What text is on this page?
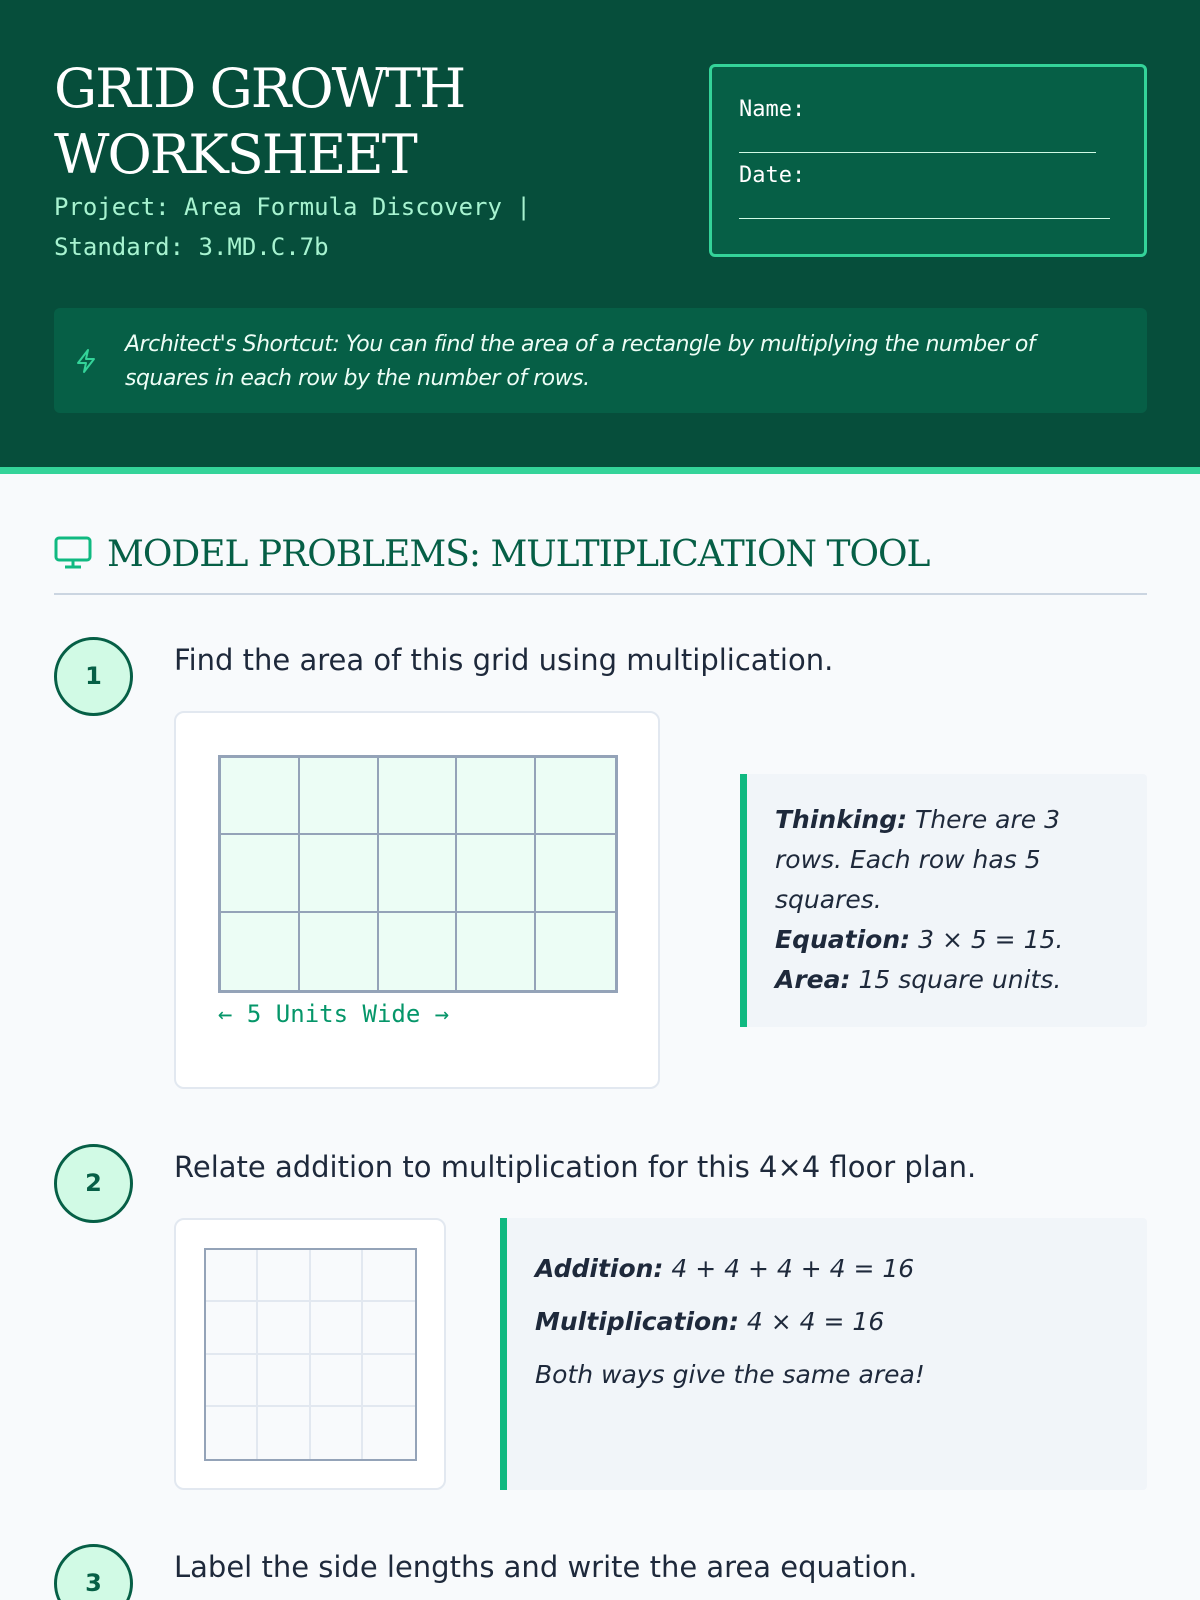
GRID GROWTH WORKSHEET
Project: Area Formula Discovery | Standard: 3.MD.C.7b
Name:
Date:
Architect's Shortcut: You can find the area of a rectangle by multiplying the number of squares in each row by the number of rows.
MODEL PROBLEMS: MULTIPLICATION TOOL
1	Find the area of this grid using multiplication.
← 5 Units Wide →

Thinking: There are 3 rows. Each row has 5 squares.

Equation: 3 × 5 = 15.

Area: 15 square units.

2	Relate addition to multiplication for this 4×4 floor plan.

Addition: 4 + 4 + 4 + 4 = 16

Multiplication: 4 × 4 = 16

Both ways give the same area!

3	Label the side lengths and write the area equation.
